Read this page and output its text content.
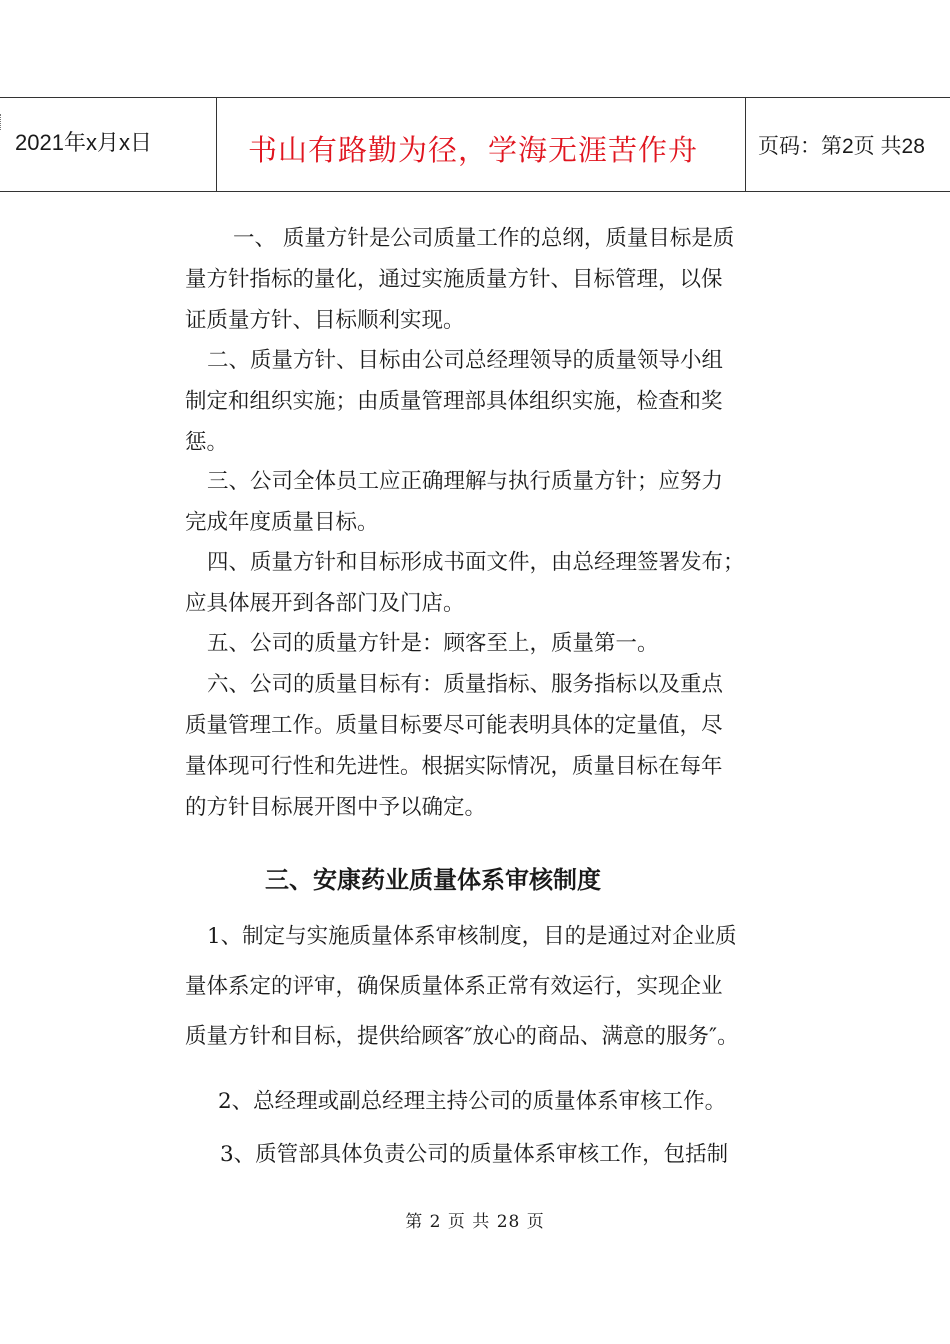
2021年x月x日	书山有路勤为径，学海无涯苦作舟	页码：第2页 共28
一、 质量方针是公司质量工作的总纲，质量目标是质
量方针指标的量化，通过实施质量方针、目标管理，以保
证质量方针、目标顺利实现。
二、质量方针、目标由公司总经理领导的质量领导小组
制定和组织实施；由质量管理部具体组织实施，检查和奖
惩。
三、公司全体员工应正确理解与执行质量方针；应努力
完成年度质量目标。
四、质量方针和目标形成书面文件，由总经理签署发布；
应具体展开到各部门及门店。
五、公司的质量方针是：顾客至上，质量第一。
六、公司的质量目标有：质量指标、服务指标以及重点
质量管理工作。质量目标要尽可能表明具体的定量值，尽
量体现可行性和先进性。根据实际情况，质量目标在每年
的方针目标展开图中予以确定。
三、安康药业质量体系审核制度
1、制定与实施质量体系审核制度，目的是通过对企业质
量体系定的评审，确保质量体系正常有效运行，实现企业
质量方针和目标，提供给顾客″放心的商品、满意的服务″。
2、总经理或副总经理主持公司的质量体系审核工作。
3、质管部具体负责公司的质量体系审核工作，包括制
第 2 页 共 28 页
